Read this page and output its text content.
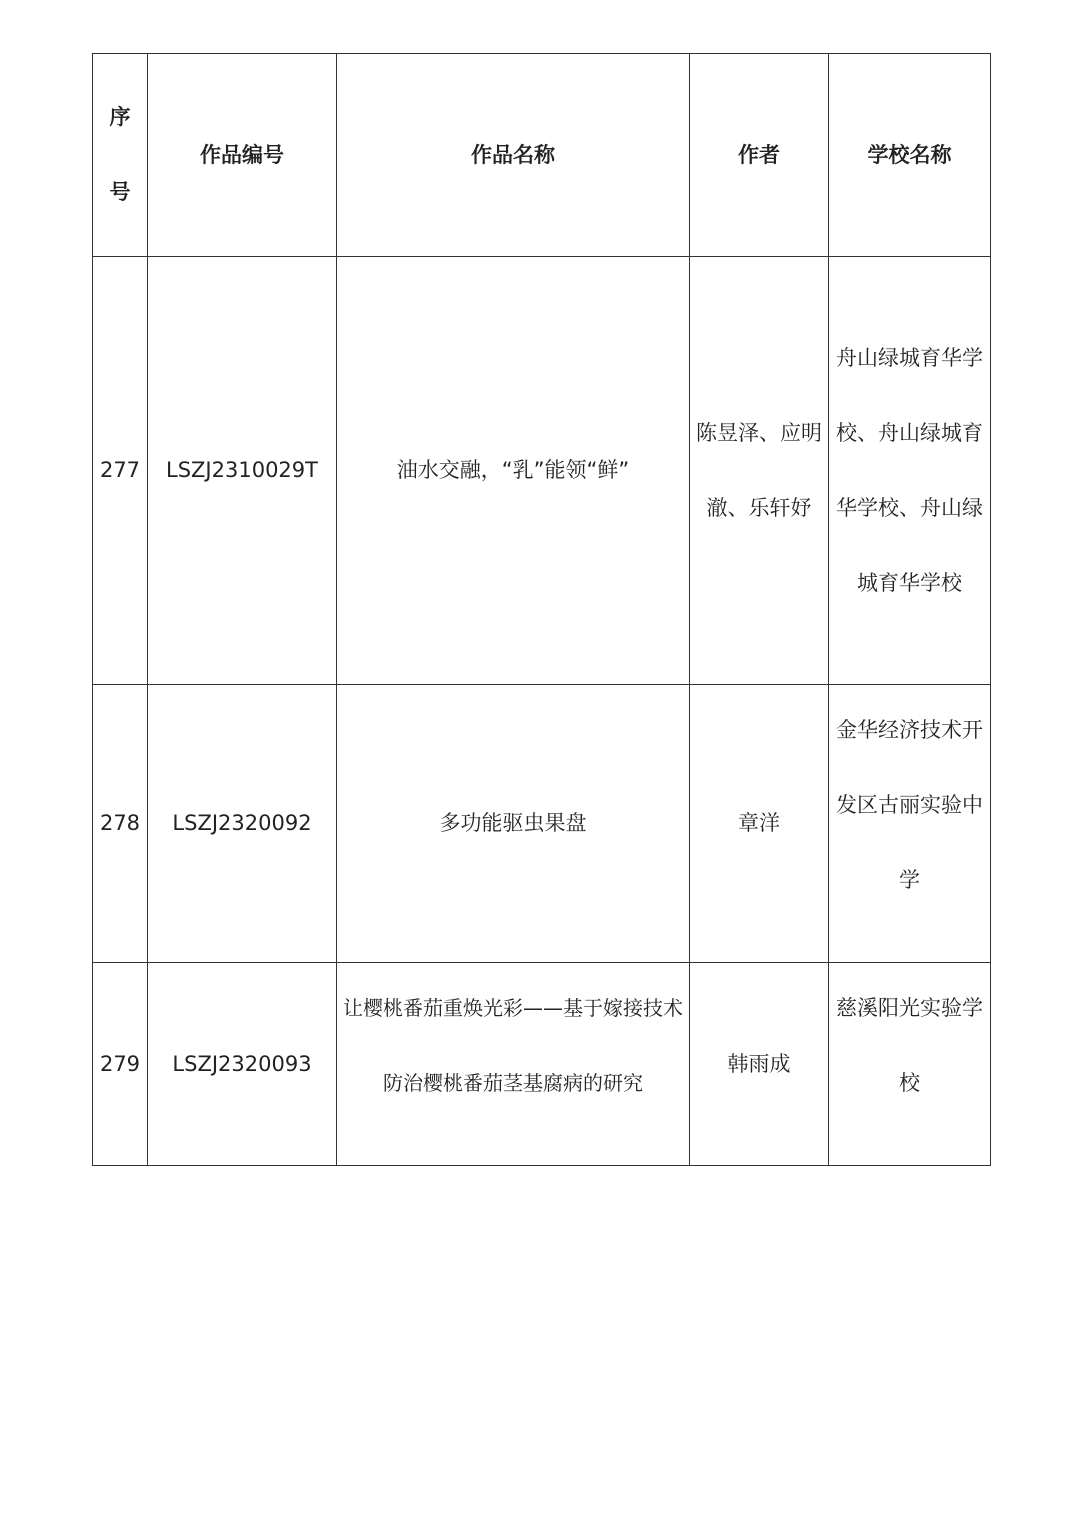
序号	作品编号	作品名称	作者	学校名称
277	LSZJ2310029T	油水交融，“乳”能领“鲜”	陈昱泽、应明澈、乐轩妤	舟山绿城育华学校、舟山绿城育华学校、舟山绿城育华学校
278	LSZJ2320092	多功能驱虫果盘	章洋	金华经济技术开发区古丽实验中学
279	LSZJ2320093	让樱桃番茄重焕光彩——基于嫁接技术防治樱桃番茄茎基腐病的研究	韩雨成	慈溪阳光实验学校
